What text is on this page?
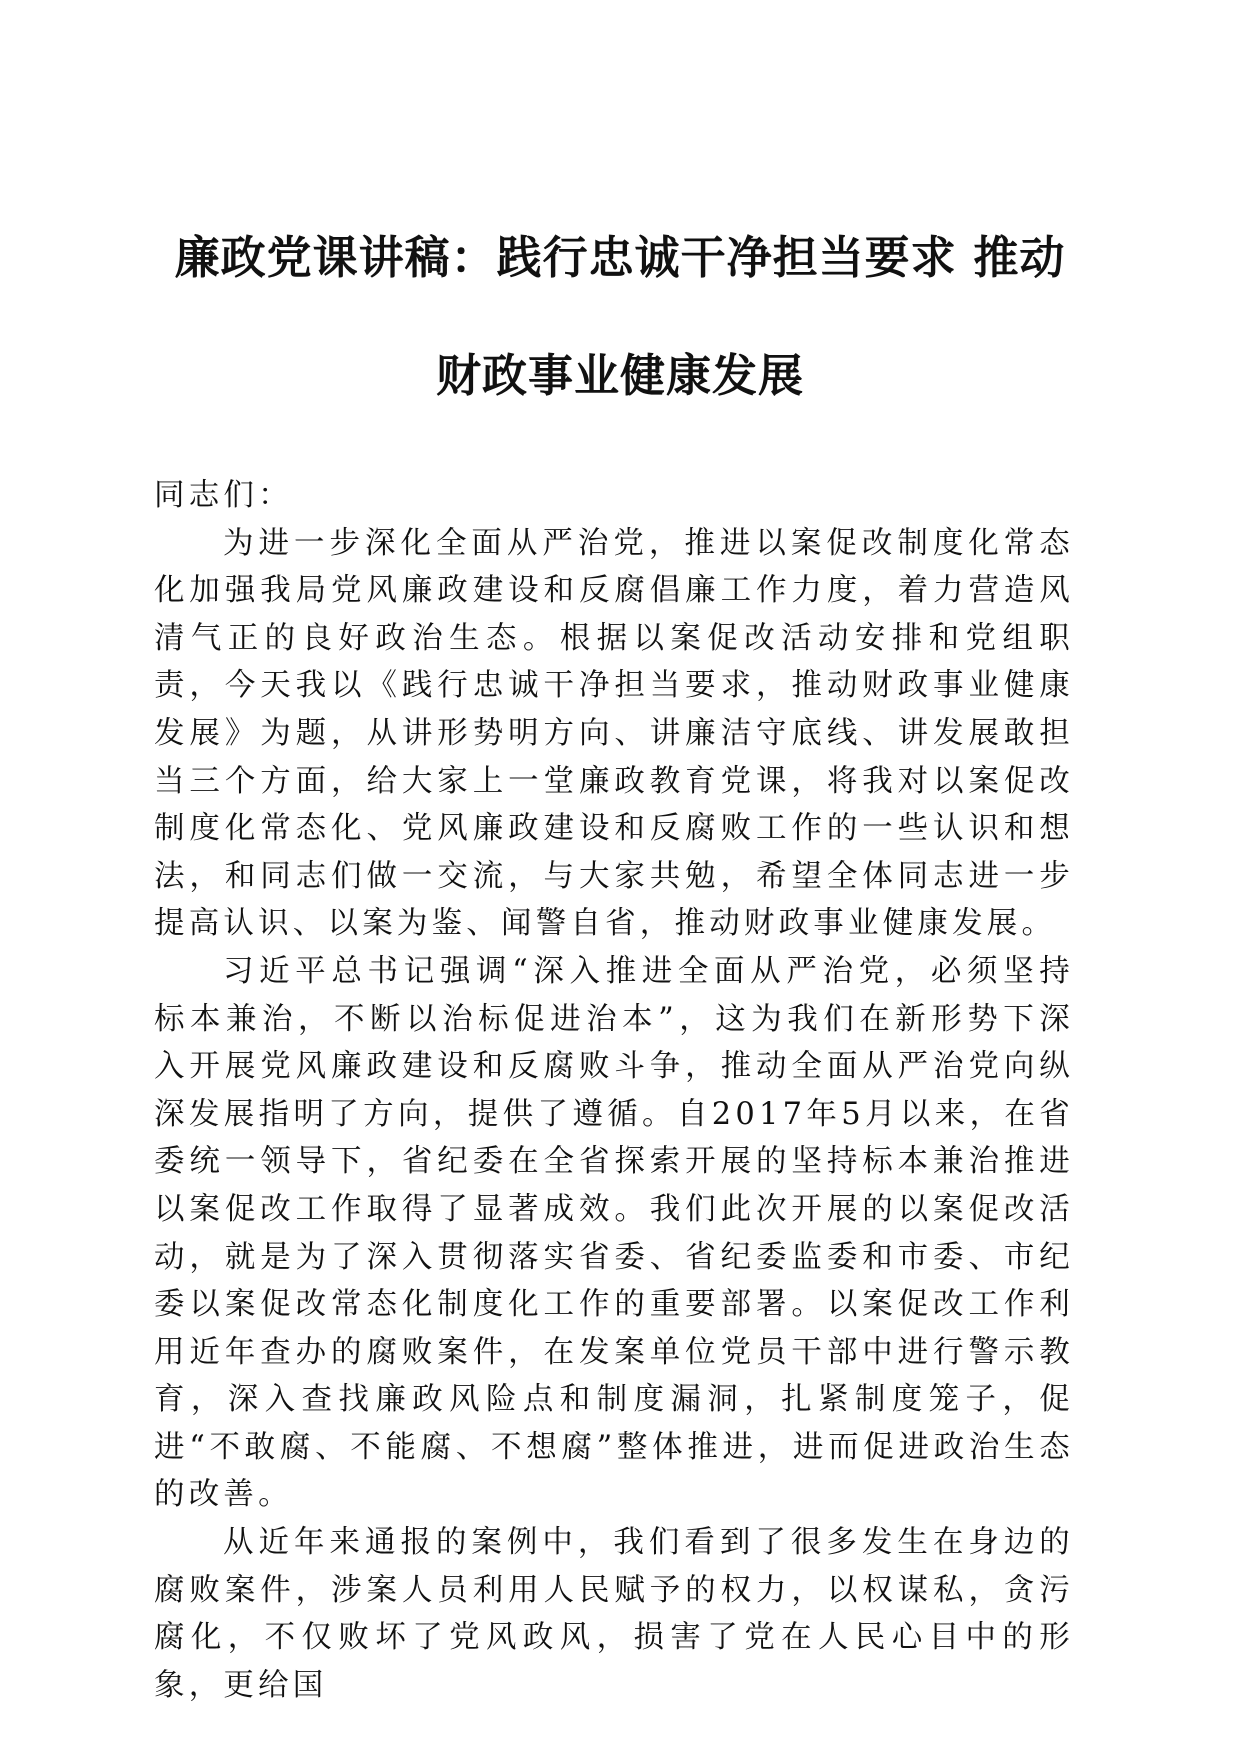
廉政党课讲稿：践行忠诚干净担当要求 推动
财政事业健康发展

同志们：

为进一步深化全面从严治党，推进以案促改制度化常态化加强我局党风廉政建设和反腐倡廉工作力度，着力营造风清气正的良好政治生态。根据以案促改活动安排和党组职责，今天我以《践行忠诚干净担当要求，推动财政事业健康发展》为题，从讲形势明方向、讲廉洁守底线、讲发展敢担当三个方面，给大家上一堂廉政教育党课，将我对以案促改制度化常态化、党风廉政建设和反腐败工作的一些认识和想法，和同志们做一交流，与大家共勉，希望全体同志进一步提高认识、以案为鉴、闻警自省，推动财政事业健康发展。

习近平总书记强调“深入推进全面从严治党，必须坚持标本兼治，不断以治标促进治本”，这为我们在新形势下深入开展党风廉政建设和反腐败斗争，推动全面从严治党向纵深发展指明了方向，提供了遵循。自2017年5月以来，在省委统一领导下，省纪委在全省探索开展的坚持标本兼治推进以案促改工作取得了显著成效。我们此次开展的以案促改活动，就是为了深入贯彻落实省委、省纪委监委和市委、市纪委以案促改常态化制度化工作的重要部署。以案促改工作利用近年查办的腐败案件，在发案单位党员干部中进行警示教育，深入查找廉政风险点和制度漏洞，扎紧制度笼子，促进“不敢腐、不能腐、不想腐”整体推进，进而促进政治生态的改善。

从近年来通报的案例中，我们看到了很多发生在身边的腐败案件，涉案人员利用人民赋予的权力，以权谋私，贪污腐化，不仅败坏了党风政风，损害了党在人民心目中的形象，更给国
